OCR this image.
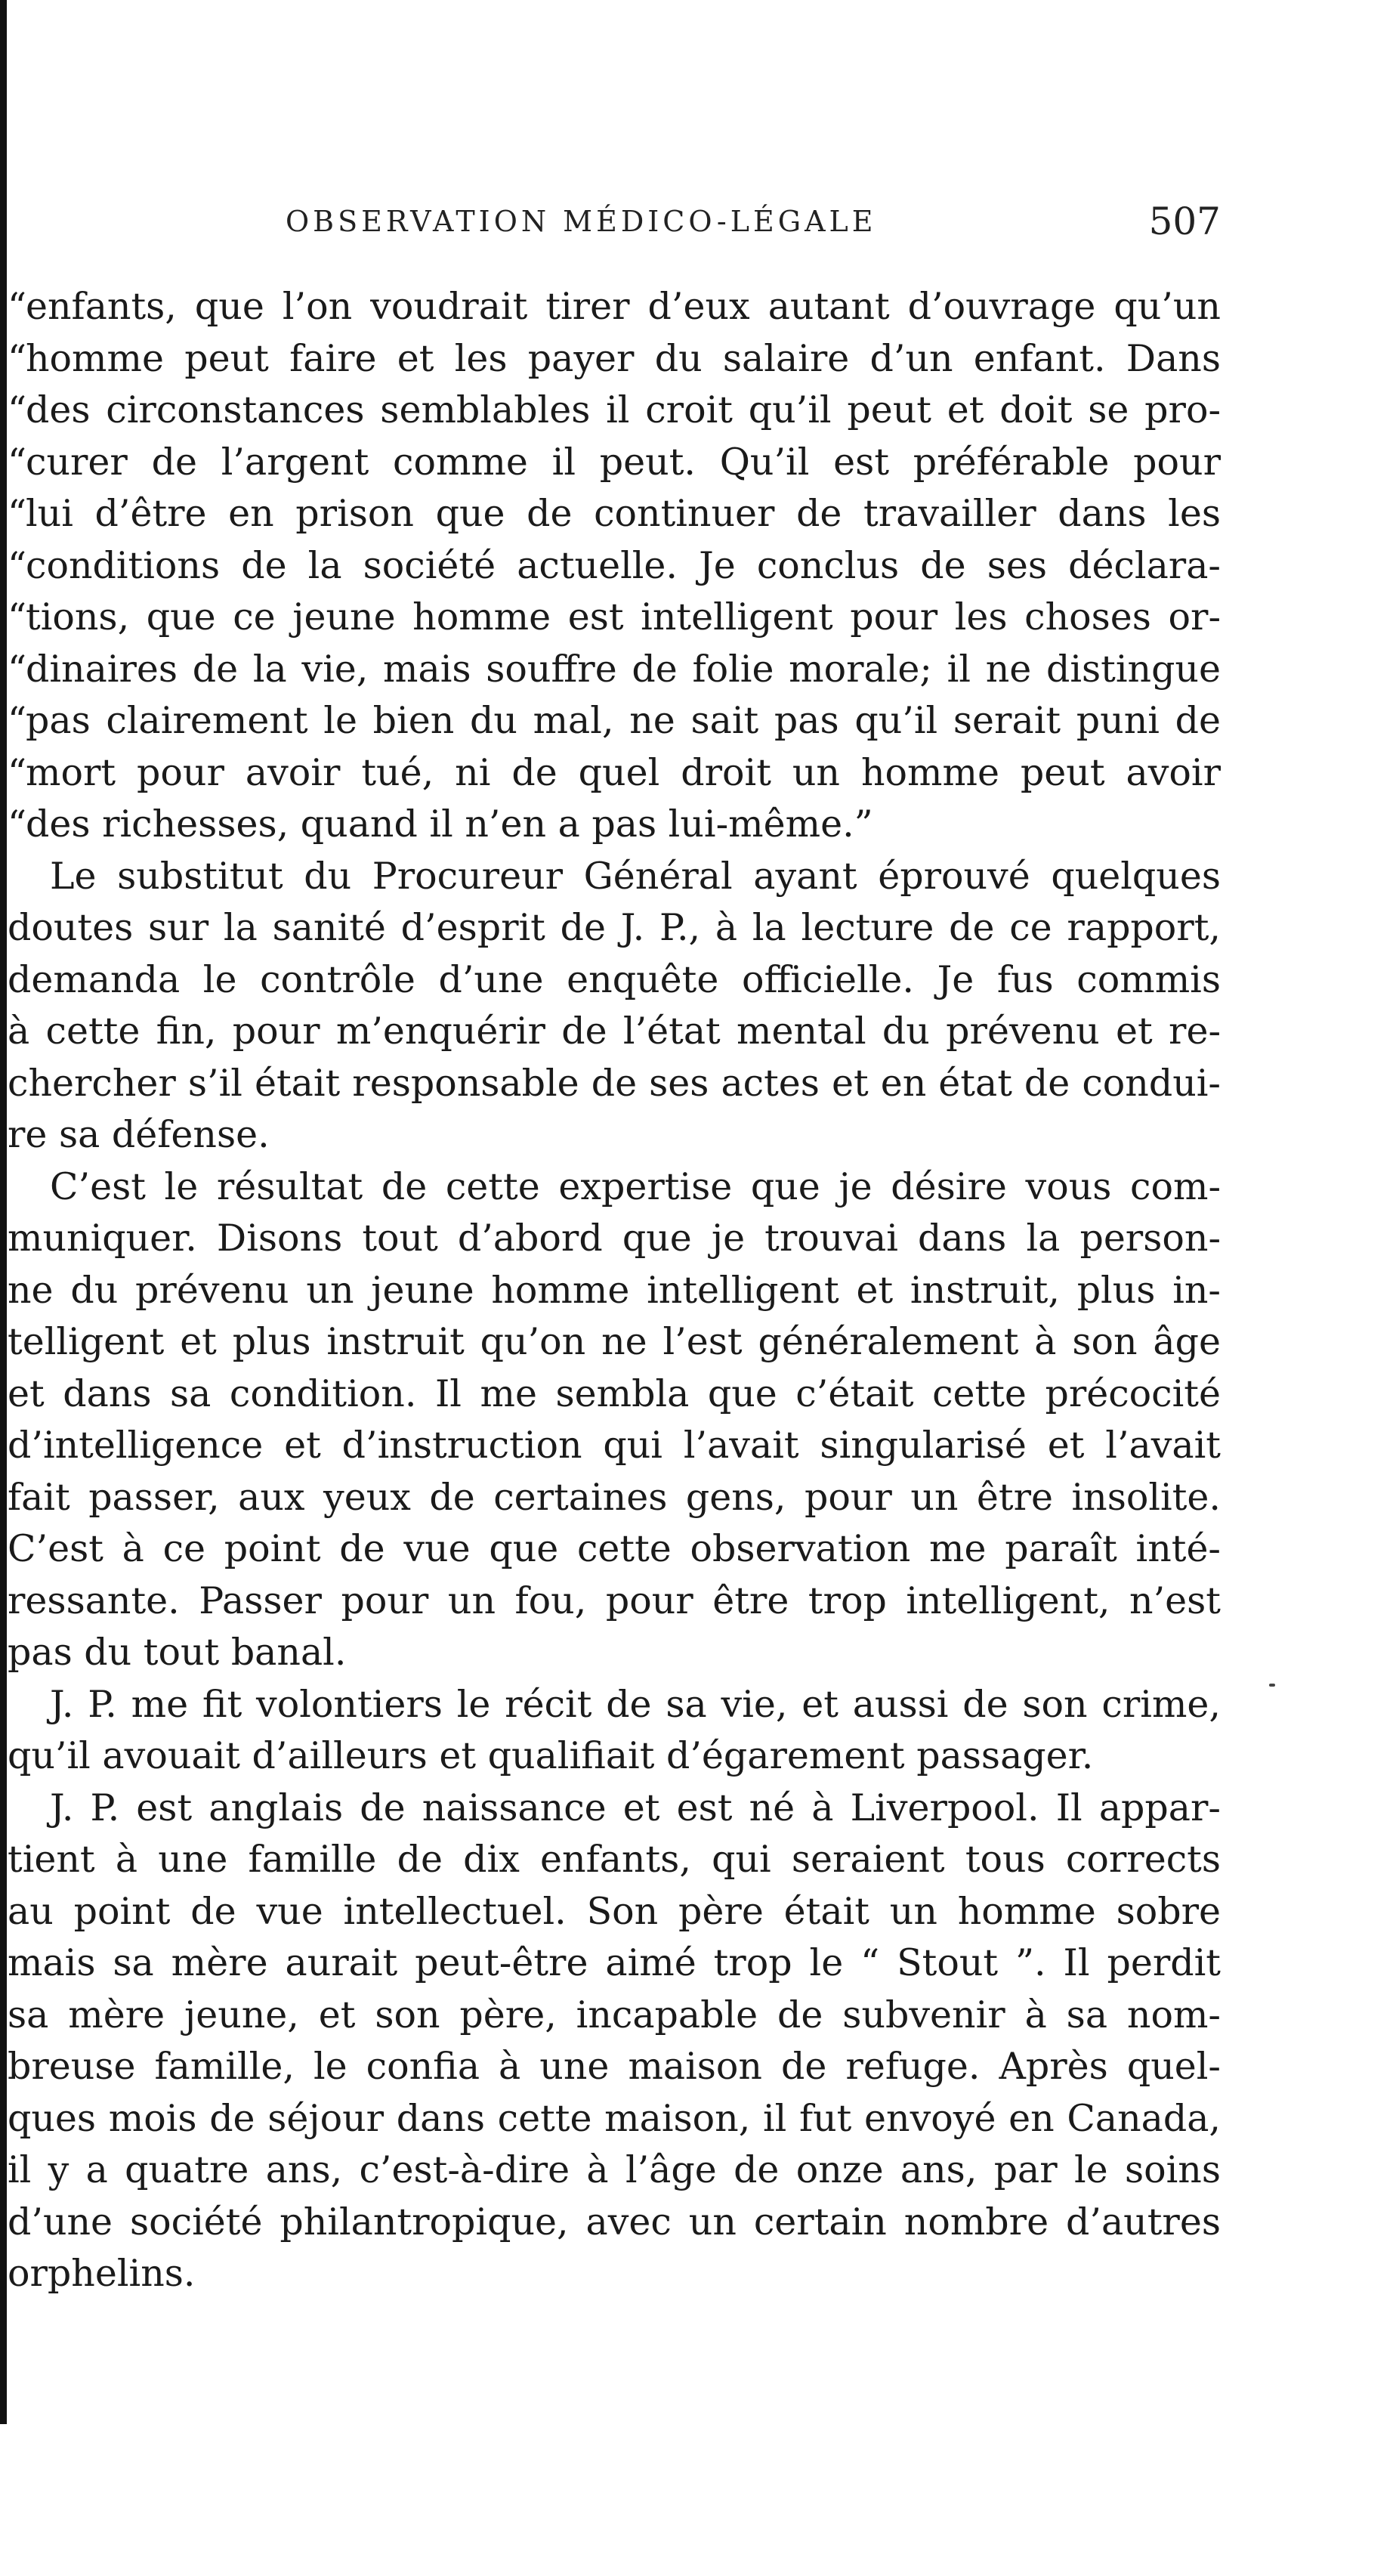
OBSERVATION MÉDICO-LÉGALE	507
“enfants, que l’on voudrait tirer d’eux autant d’ouvrage qu’un
“homme peut faire et les payer du salaire d’un enfant. Dans
“des circonstances semblables il croit qu’il peut et doit se pro-
“curer de l’argent comme il peut. Qu’il est préférable pour
“lui d’être en prison que de continuer de travailler dans les
“conditions de la société actuelle. Je conclus de ses déclara-
“tions, que ce jeune homme est intelligent pour les choses or-
“dinaires de la vie, mais souffre de folie morale; il ne distingue
“pas clairement le bien du mal, ne sait pas qu’il serait puni de
“mort pour avoir tué, ni de quel droit un homme peut avoir
“des richesses, quand il n’en a pas lui-même.”
Le substitut du Procureur Général ayant éprouvé quelques
doutes sur la sanité d’esprit de J. P., à la lecture de ce rapport,
demanda le contrôle d’une enquête officielle. Je fus commis
à cette fin, pour m’enquérir de l’état mental du prévenu et re-
chercher s’il était responsable de ses actes et en état de condui-
re sa défense.
C’est le résultat de cette expertise que je désire vous com-
muniquer. Disons tout d’abord que je trouvai dans la person-
ne du prévenu un jeune homme intelligent et instruit, plus in-
telligent et plus instruit qu’on ne l’est généralement à son âge
et dans sa condition. Il me sembla que c’était cette précocité
d’intelligence et d’instruction qui l’avait singularisé et l’avait
fait passer, aux yeux de certaines gens, pour un être insolite.
C’est à ce point de vue que cette observation me paraît inté-
ressante. Passer pour un fou, pour être trop intelligent, n’est
pas du tout banal.
J. P. me fit volontiers le récit de sa vie, et aussi de son crime,
qu’il avouait d’ailleurs et qualifiait d’égarement passager.
J. P. est anglais de naissance et est né à Liverpool. Il appar-
tient à une famille de dix enfants, qui seraient tous corrects
au point de vue intellectuel. Son père était un homme sobre
mais sa mère aurait peut-être aimé trop le “ Stout ”. Il perdit
sa mère jeune, et son père, incapable de subvenir à sa nom-
breuse famille, le confia à une maison de refuge. Après quel-
ques mois de séjour dans cette maison, il fut envoyé en Canada,
il y a quatre ans, c’est-à-dire à l’âge de onze ans, par le soins
d’une société philantropique, avec un certain nombre d’autres
orphelins.
